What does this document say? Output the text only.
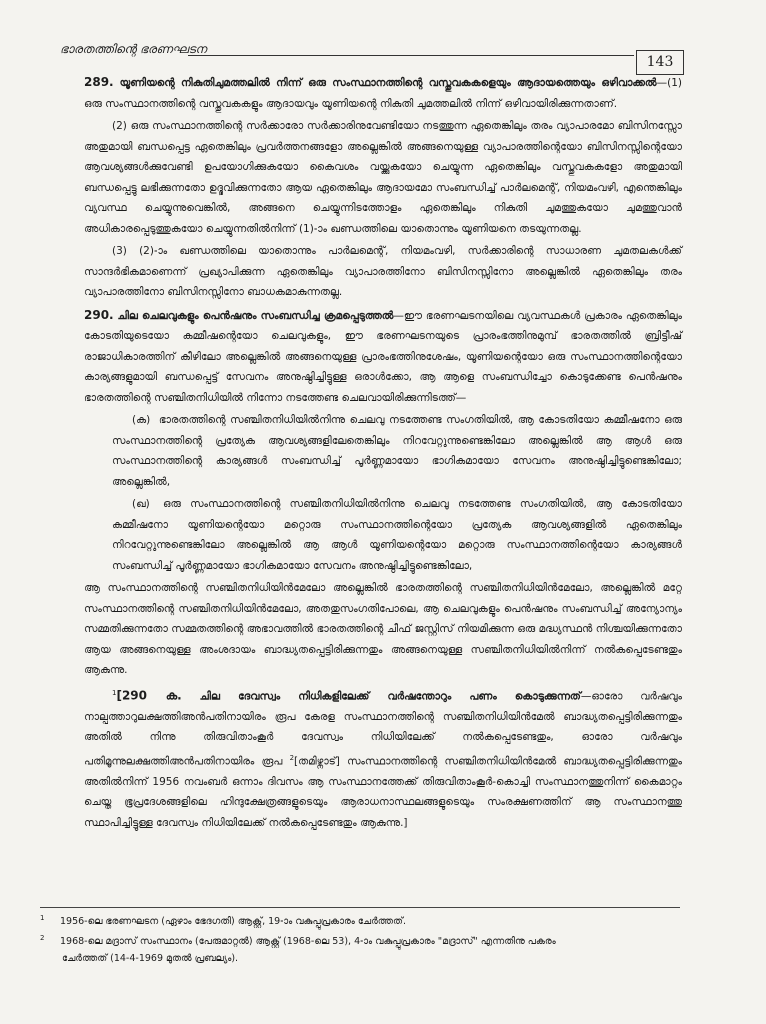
ഭാരതത്തിന്റെ ഭരണഘടന
143

289. യൂണിയന്റെ നികുതിചുമത്തലിൽ നിന്ന് ഒരു സംസ്ഥാനത്തിന്റെ വസ്തുവകകളെയും ആദായത്തെയും ഒഴിവാക്കൽ—(1) ഒരു സംസ്ഥാനത്തിന്റെ വസ്തുവകകളും ആദായവും യൂണിയന്റെ നികുതി ചുമത്തലിൽ നിന്ന് ഒഴിവായിരിക്കുന്നതാണ്.

(2) ഒരു സംസ്ഥാനത്തിന്റെ സർക്കാരോ സർക്കാരിനുവേണ്ടിയോ നടത്തുന്ന ഏതെങ്കിലും തരം വ്യാപാരമോ ബിസിനസ്സോ അതുമായി ബന്ധപ്പെട്ട ഏതെങ്കിലും പ്രവർത്തനങ്ങളോ അല്ലെങ്കിൽ അങ്ങനെയുള്ള വ്യാപാരത്തിന്റെയോ ബിസിനസ്സിന്റെയോ ആവശ്യങ്ങൾക്കുവേണ്ടി ഉപയോഗിക്കുകയോ കൈവശം വയ്ക്കുകയോ ചെയ്യുന്ന ഏതെങ്കിലും വസ്തുവകകളോ അതുമായി ബന്ധപ്പെട്ടു ലഭിക്കുന്നതോ ഉദ്ഭവിക്കുന്നതോ ആയ ഏതെങ്കിലും ആദായമോ സംബന്ധിച്ച് പാർലമെന്റ്, നിയമംവഴി, എന്തെങ്കിലും വ്യവസ്ഥ ചെയ്യുന്നുവെങ്കിൽ, അങ്ങനെ ചെയ്യുന്നിടത്തോളം ഏതെങ്കിലും നികുതി ചുമത്തുകയോ ചുമത്തുവാൻ അധികാരപ്പെടുത്തുകയോ ചെയ്യുന്നതിൽനിന്ന് (1)-ാം ഖണ്ഡത്തിലെ യാതൊന്നും യൂണിയനെ തടയുന്നതല്ല.

(3) (2)-ാം ഖണ്ഡത്തിലെ യാതൊന്നും പാർലമെന്റ്, നിയമംവഴി, സർക്കാരിന്റെ സാധാരണ ചുമതലകൾക്ക് സാന്ദർഭികമാണെന്ന് പ്രഖ്യാപിക്കുന്ന ഏതെങ്കിലും വ്യാപാരത്തിനോ ബിസിനസ്സിനോ അല്ലെങ്കിൽ ഏതെങ്കിലും തരം വ്യാപാരത്തിനോ ബിസിനസ്സിനോ ബാധകമാകുന്നതല്ല.

290. ചില ചെലവുകളും പെൻഷനും സംബന്ധിച്ച ക്രമപ്പെടുത്തൽ—ഈ ഭരണഘടനയിലെ വ്യവസ്ഥകൾ പ്രകാരം ഏതെങ്കിലും കോടതിയുടെയോ കമ്മീഷന്റെയോ ചെലവുകളും, ഈ ഭരണഘടനയുടെ പ്രാരംഭത്തിനുമുമ്പ് ഭാരതത്തിൽ ബ്രിട്ടീഷ് രാജാധികാരത്തിന് കീഴിലോ അല്ലെങ്കിൽ അങ്ങനെയുള്ള പ്രാരംഭത്തിനുശേഷം, യൂണിയന്റെയോ ഒരു സംസ്ഥാനത്തിന്റെയോ കാര്യങ്ങളുമായി ബന്ധപ്പെട്ട് സേവനം അനുഷ്ഠിച്ചിട്ടുള്ള ഒരാൾക്കോ, ആ ആളെ സംബന്ധിച്ചോ കൊടുക്കേണ്ട പെൻഷനും ഭാരതത്തിന്റെ സഞ്ചിതനിധിയിൽ നിന്നോ നടത്തേണ്ട ചെലവായിരിക്കുന്നിടത്ത്—

(ക) ഭാരതത്തിന്റെ സഞ്ചിതനിധിയിൽനിന്നു ചെലവു നടത്തേണ്ട സംഗതിയിൽ, ആ കോടതിയോ കമ്മീഷനോ ഒരു സംസ്ഥാനത്തിന്റെ പ്രത്യേക ആവശ്യങ്ങളിലേതെങ്കിലും നിറവേറ്റുന്നുണ്ടെങ്കിലോ അല്ലെങ്കിൽ ആ ആൾ ഒരു സംസ്ഥാനത്തിന്റെ കാര്യങ്ങൾ സംബന്ധിച്ച് പൂർണ്ണമായോ ഭാഗികമായോ സേവനം അനുഷ്ഠിച്ചിട്ടുണ്ടെങ്കിലോ; അല്ലെങ്കിൽ,

(ഖ) ഒരു സംസ്ഥാനത്തിന്റെ സഞ്ചിതനിധിയിൽനിന്നു ചെലവു നടത്തേണ്ട സംഗതിയിൽ, ആ കോടതിയോ കമ്മീഷനോ യൂണിയന്റെയോ മറ്റൊരു സംസ്ഥാനത്തിന്റെയോ പ്രത്യേക ആവശ്യങ്ങളിൽ ഏതെങ്കിലും നിറവേറ്റുന്നുണ്ടെങ്കിലോ അല്ലെങ്കിൽ ആ ആൾ യൂണിയന്റെയോ മറ്റൊരു സംസ്ഥാനത്തിന്റെയോ കാര്യങ്ങൾ സംബന്ധിച്ച് പൂർണ്ണമായോ ഭാഗികമായോ സേവനം അനുഷ്ഠിച്ചിട്ടുണ്ടെങ്കിലോ,

ആ സംസ്ഥാനത്തിന്റെ സഞ്ചിതനിധിയിൻമേലോ അല്ലെങ്കിൽ ഭാരതത്തിന്റെ സഞ്ചിതനിധിയിൻമേലോ, അല്ലെങ്കിൽ മറ്റേ സംസ്ഥാനത്തിന്റെ സഞ്ചിതനിധിയിൻമേലോ, അതതുസംഗതിപോലെ, ആ ചെലവുകളും പെൻഷനും സംബന്ധിച്ച് അന്യോന്യം സമ്മതിക്കുന്നതോ സമ്മതത്തിന്റെ അഭാവത്തിൽ ഭാരതത്തിന്റെ ചീഫ് ജസ്റ്റിസ് നിയമിക്കുന്ന ഒരു മദ്ധ്യസ്ഥൻ നിശ്ചയിക്കുന്നതോ ആയ അങ്ങനെയുള്ള അംശദായം ബാദ്ധ്യതപ്പെട്ടിരിക്കുന്നതും അങ്ങനെയുള്ള സഞ്ചിതനിധിയിൽനിന്ന് നൽകപ്പെടേണ്ടതും ആകുന്നു.

$^1$[290 ക. ചില ദേവസ്വം നിധികളിലേക്ക് വർഷന്തോറും പണം കൊടുക്കുന്നത്—ഓരോ വർഷവും നാല്പത്താറുലക്ഷത്തിഅൻപതിനായിരം രൂപ കേരള സംസ്ഥാനത്തിന്റെ സഞ്ചിതനിധിയിൻമേൽ ബാദ്ധ്യതപ്പെട്ടിരിക്കുന്നതും അതിൽ നിന്നു തിരുവിതാംകൂർ ദേവസ്വം നിധിയിലേക്ക് നൽകപ്പെടേണ്ടതും, ഓരോ വർഷവും പതിമൂന്നുലക്ഷത്തിഅൻപതിനായിരം രൂപ $^2$[തമിഴ്നാട്] സംസ്ഥാനത്തിന്റെ സഞ്ചിതനിധിയിൻമേൽ ബാദ്ധ്യതപ്പെട്ടിരിക്കുന്നതും അതിൽനിന്ന് 1956 നവംബർ ഒന്നാം ദിവസം ആ സംസ്ഥാനത്തേക്ക് തിരുവിതാംകൂർ-കൊച്ചി സംസ്ഥാനത്തുനിന്ന് കൈമാറ്റം ചെയ്ത ഭൂപ്രദേശങ്ങളിലെ ഹിന്ദുക്ഷേത്രങ്ങളുടെയും ആരാധനാസ്ഥലങ്ങളുടെയും സംരക്ഷണത്തിന് ആ സംസ്ഥാനത്തു സ്ഥാപിച്ചിട്ടുള്ള ദേവസ്വം നിധിയിലേക്ക് നൽകപ്പെടേണ്ടതും ആകുന്നു.]

1 1956-ലെ ഭരണഘടന (ഏഴാം ഭേദഗതി) ആക്റ്റ്, 19-ാം വകുപ്പുപ്രകാരം ചേർത്തത്.

2 1968-ലെ മദ്രാസ് സംസ്ഥാനം (പേരുമാറ്റൽ) ആക്റ്റ് (1968-ലെ 53), 4-ാം വകുപ്പുപ്രകാരം "മദ്രാസ്" എന്നതിനു പകരം

ചേർത്തത് (14-4-1969 മുതൽ പ്രബല്യം).
